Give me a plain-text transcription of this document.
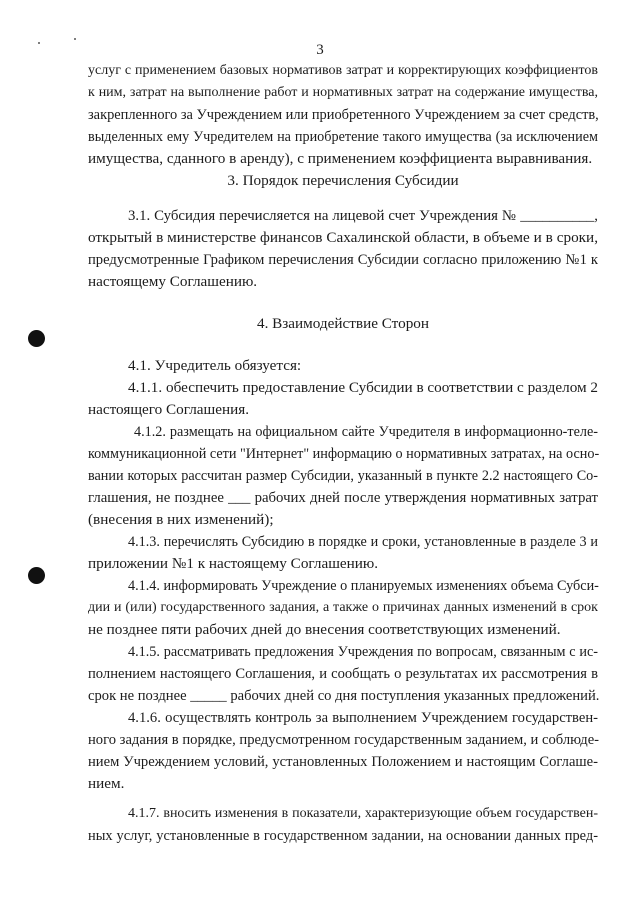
3
услуг с применением базовых нормативов затрат и корректирующих коэффициентов
к ним, затрат на выполнение работ и нормативных затрат на содержание имущества,
закрепленного за Учреждением или приобретенного Учреждением за счет средств,
выделенных ему Учредителем на приобретение такого имущества (за исключением
имущества, сданного в аренду), с применением коэффициента выравнивания.
3. Порядок перечисления Субсидии
3.1. Субсидия перечисляется на лицевой счет Учреждения № __________,
открытый в министерстве финансов Сахалинской области, в объеме и в сроки,
предусмотренные Графиком перечисления Субсидии согласно приложению №1 к
настоящему Соглашению.
4. Взаимодействие Сторон
4.1. Учредитель обязуется:
4.1.1. обеспечить предоставление Субсидии в соответствии с разделом 2
настоящего Соглашения.
4.1.2. размещать на официальном сайте Учредителя в информационно-теле-
коммуникационной сети "Интернет" информацию о нормативных затратах, на осно-
вании которых рассчитан размер Субсидии, указанный в пункте 2.2 настоящего Со-
глашения, не позднее ___ рабочих дней после утверждения нормативных затрат
(внесения в них изменений);
4.1.3. перечислять Субсидию в порядке и сроки, установленные в разделе 3 и
приложении №1 к настоящему Соглашению.
4.1.4. информировать Учреждение о планируемых изменениях объема Субси-
дии и (или) государственного задания, а также о причинах данных изменений в срок
не позднее пяти рабочих дней до внесения соответствующих изменений.
4.1.5. рассматривать предложения Учреждения по вопросам, связанным с ис-
полнением настоящего Соглашения, и сообщать о результатах их рассмотрения в
срок не позднее _____ рабочих дней со дня поступления указанных предложений.
4.1.6. осуществлять контроль за выполнением Учреждением государствен-
ного задания в порядке, предусмотренном государственным заданием, и соблюде-
нием Учреждением условий, установленных Положением и настоящим Соглаше-
нием.
4.1.7. вносить изменения в показатели, характеризующие объем государствен-
ных услуг, установленные в государственном задании, на основании данных пред-
